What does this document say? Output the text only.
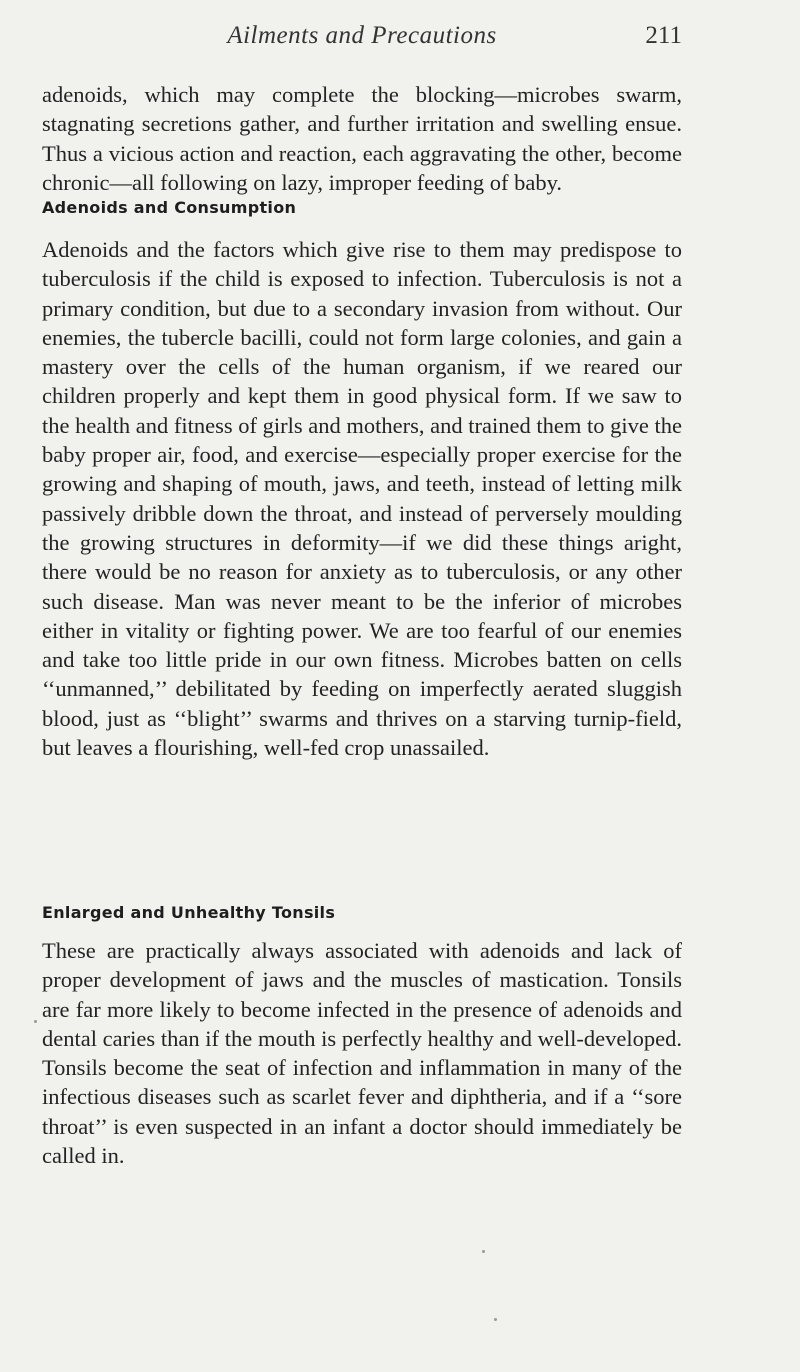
Ailments and Precautions	211

adenoids, which may complete the blocking—microbes swarm, stagnating secretions gather, and further irritation and swelling ensue. Thus a vicious action and reaction, each aggravating the other, become chronic—all following on lazy, improper feeding of baby.

Adenoids and Consumption

Adenoids and the factors which give rise to them may predispose to tuberculosis if the child is exposed to infection. Tuberculosis is not a primary condition, but due to a secondary invasion from without. Our enemies, the tubercle bacilli, could not form large colonies, and gain a mastery over the cells of the human organism, if we reared our children properly and kept them in good physical form. If we saw to the health and fitness of girls and mothers, and trained them to give the baby proper air, food, and exercise—especially proper exercise for the growing and shaping of mouth, jaws, and teeth, instead of letting milk passively dribble down the throat, and instead of perversely moulding the growing structures in deformity—if we did these things aright, there would be no reason for anxiety as to tuberculosis, or any other such disease. Man was never meant to be the inferior of microbes either in vitality or fighting power. We are too fearful of our enemies and take too little pride in our own fitness. Microbes batten on cells ‘‘unmanned,’’ debilitated by feeding on imperfectly aerated sluggish blood, just as ‘‘blight’’ swarms and thrives on a starving turnip-field, but leaves a flourishing, well-fed crop unassailed.

Enlarged and Unhealthy Tonsils

These are practically always associated with adenoids and lack of proper development of jaws and the muscles of mastication. Tonsils are far more likely to become infected in the presence of adenoids and dental caries than if the mouth is perfectly healthy and well-developed. Tonsils become the seat of infection and inflammation in many of the infectious diseases such as scarlet fever and diphtheria, and if a ‘‘sore throat’’ is even suspected in an infant a doctor should immediately be called in.
